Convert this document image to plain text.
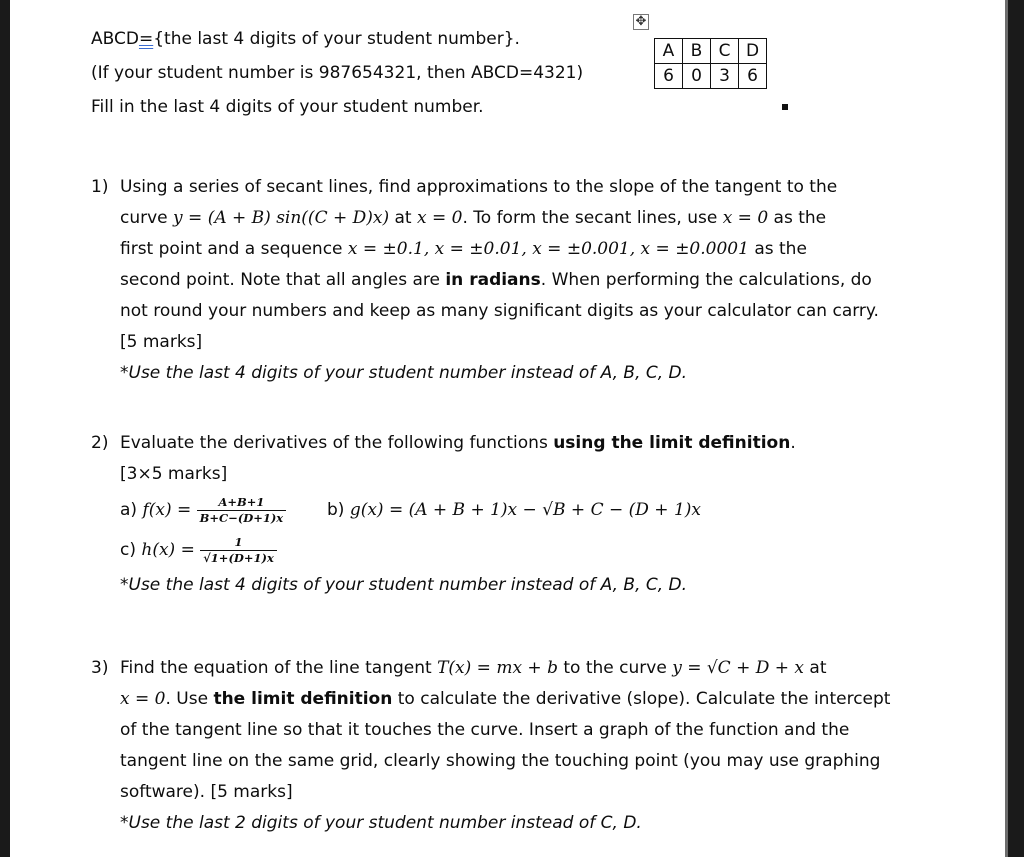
ABCD={the last 4 digits of your student number}.
(If your student number is 987654321, then ABCD=4321)
Fill in the last 4 digits of your student number.
✥
A	B	C	D
6	0	3	6
1) Using a series of secant lines, find approximations to the slope of the tangent to the
curve y = (A + B) sin((C + D)x) at x = 0. To form the secant lines, use x = 0 as the
first point and a sequence x = ±0.1, x = ±0.01, x = ±0.001, x = ±0.0001 as the
second point. Note that all angles are in radians. When performing the calculations, do
not round your numbers and keep as many significant digits as your calculator can carry.
[5 marks]
*Use the last 4 digits of your student number instead of A, B, C, D.
2) Evaluate the derivatives of the following functions using the limit definition.
[3×5 marks]
a) $f(x) = \frac{A+B+1}{B+C-(D+1)x} b$) g(x) = (A + B + 1)x − √B + C − (D + 1)x
c) $h(x) = \frac{1}{√1+(D+1)x}$
*Use the last 4 digits of your student number instead of A, B, C, D.
3) Find the equation of the line tangent T(x) = mx + b to the curve y = √C + D + x at
x = 0. Use the limit definition to calculate the derivative (slope). Calculate the intercept
of the tangent line so that it touches the curve. Insert a graph of the function and the
tangent line on the same grid, clearly showing the touching point (you may use graphing
software). [5 marks]
*Use the last 2 digits of your student number instead of C, D.
